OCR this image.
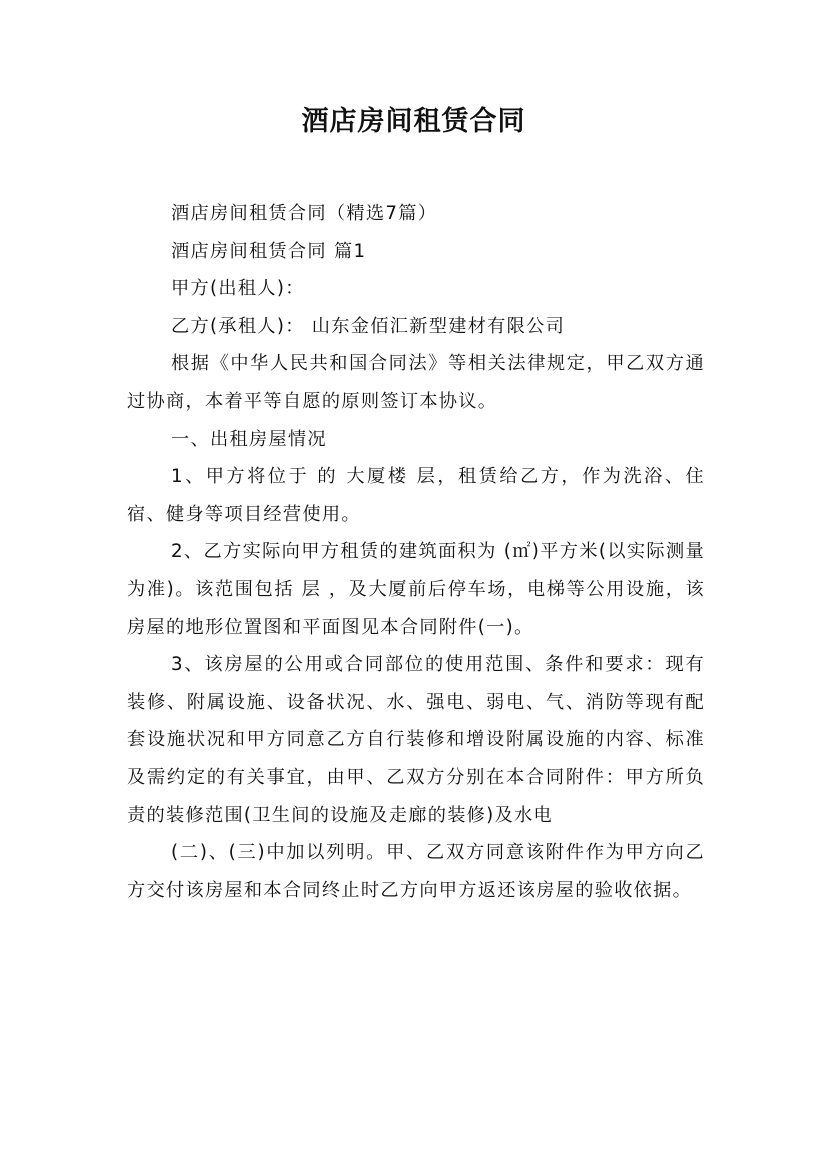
酒店房间租赁合同

酒店房间租赁合同（精选7篇）

酒店房间租赁合同 篇1

甲方(出租人)：

乙方(承租人)： 山东金佰汇新型建材有限公司

根据《中华人民共和国合同法》等相关法律规定，甲乙双方通过协商，本着平等自愿的原则签订本协议。

一、出租房屋情况

1、甲方将位于 的 大厦楼 层，租赁给乙方，作为洗浴、住宿、健身等项目经营使用。

2、乙方实际向甲方租赁的建筑面积为 (㎡)平方米(以实际测量为准)。该范围包括 层 ，及大厦前后停车场，电梯等公用设施，该房屋的地形位置图和平面图见本合同附件(一)。

3、该房屋的公用或合同部位的使用范围、条件和要求：现有装修、附属设施、设备状况、水、强电、弱电、气、消防等现有配套设施状况和甲方同意乙方自行装修和增设附属设施的内容、标准及需约定的有关事宜，由甲、乙双方分别在本合同附件：甲方所负责的装修范围(卫生间的设施及走廊的装修)及水电

(二)、(三)中加以列明。甲、乙双方同意该附件作为甲方向乙方交付该房屋和本合同终止时乙方向甲方返还该房屋的验收依据。
